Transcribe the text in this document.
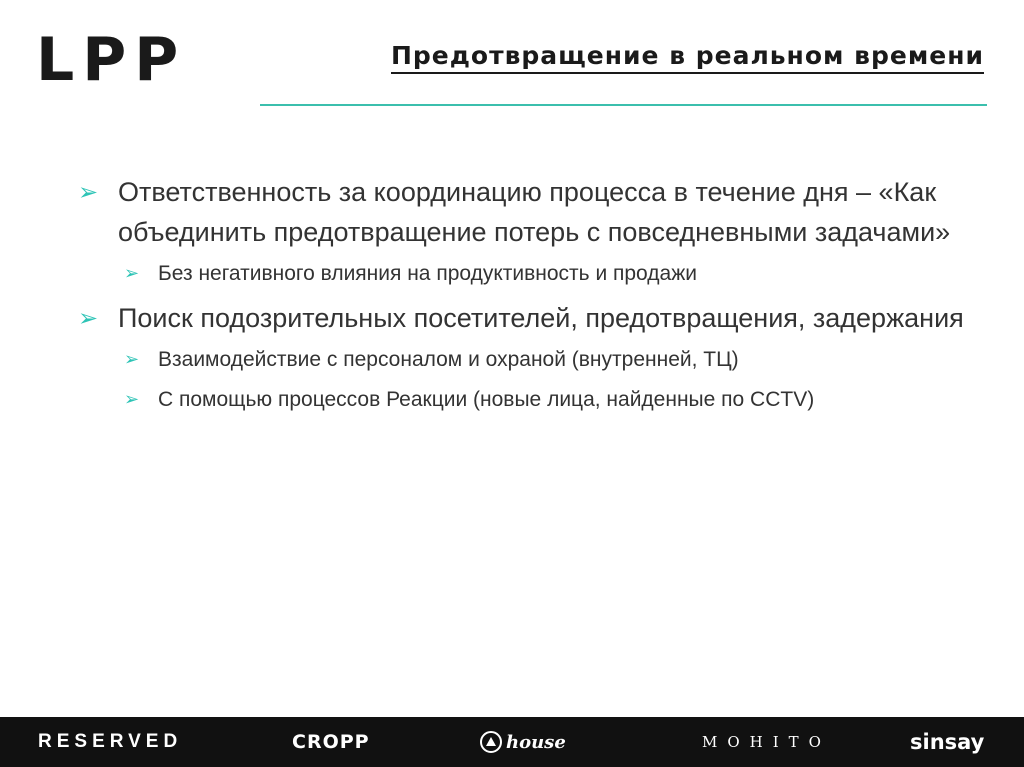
LPP	Предотвращение в реальном времени
➢ Ответственность за координацию процесса в течение дня – «Как объединить предотвращение потерь с повседневными задачами»
➢ Без негативного влияния на продуктивность и продажи
➢ Поиск подозрительных посетителей, предотвращения, задержания
➢ Взаимодействие с персоналом и охраной (внутренней, ТЦ)
➢ С помощью процессов Реакции (новые лица, найденные по CCTV)
RESERVED	CROPP	house	MOHITO	sinsay
